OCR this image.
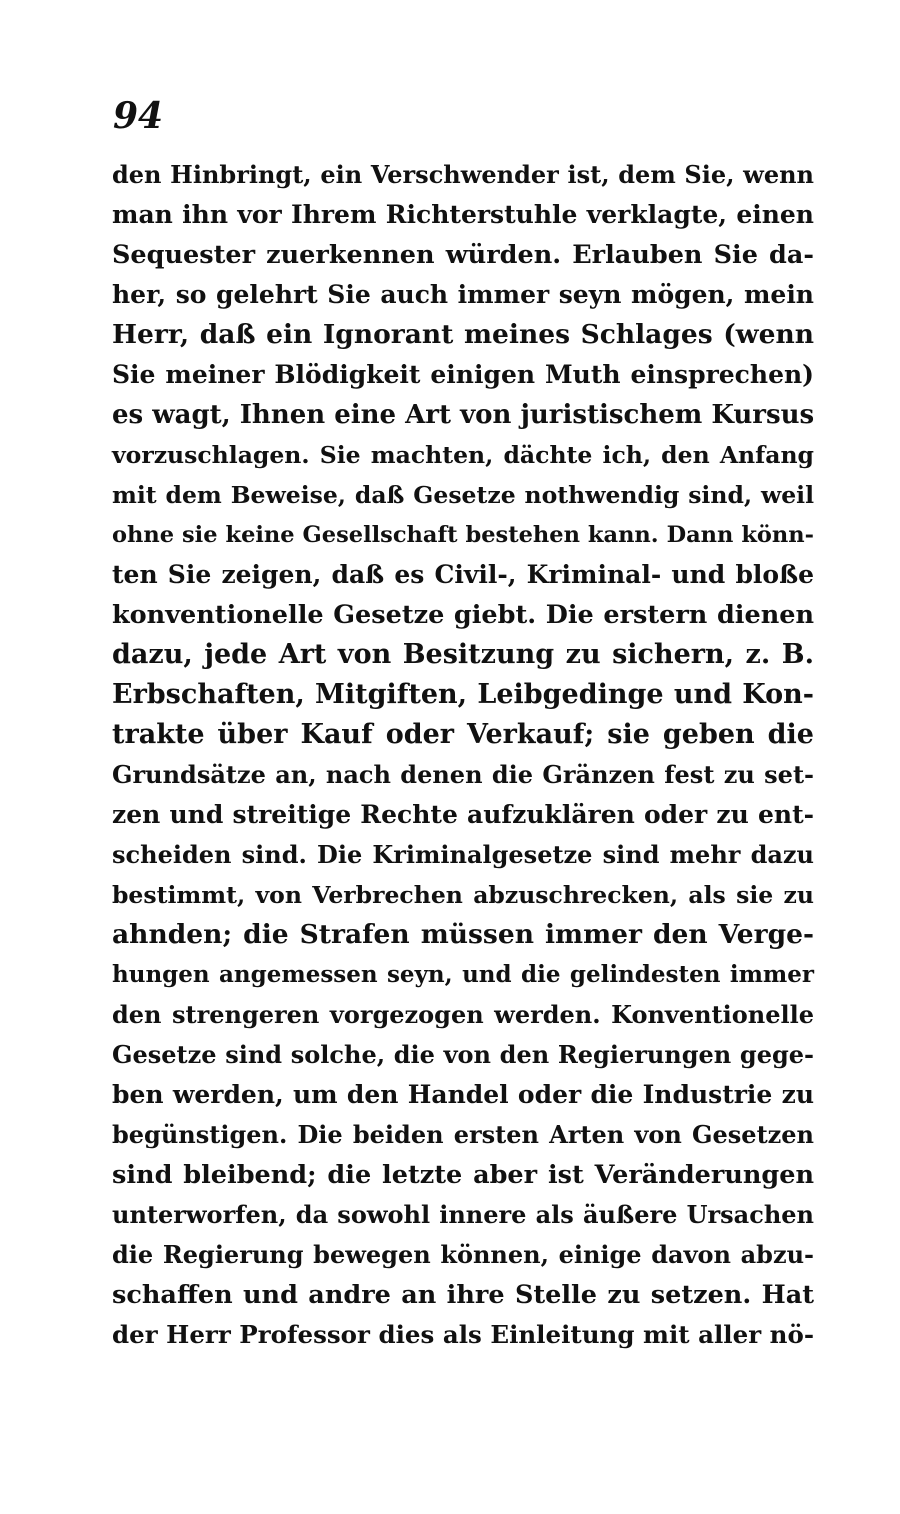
94
den Hinbringt, ein Verschwender ist, dem Sie, wenn
man ihn vor Ihrem Richterstuhle verklagte, einen
Sequester zuerkennen würden. Erlauben Sie da-
her, so gelehrt Sie auch immer seyn mögen, mein
Herr, daß ein Ignorant meines Schlages (wenn
Sie meiner Blödigkeit einigen Muth einsprechen)
es wagt, Ihnen eine Art von juristischem Kursus
vorzuschlagen. Sie machten, dächte ich, den Anfang
mit dem Beweise, daß Gesetze nothwendig sind, weil
ohne sie keine Gesellschaft bestehen kann. Dann könn-
ten Sie zeigen, daß es Civil-, Kriminal- und bloße
konventionelle Gesetze giebt. Die erstern dienen
dazu, jede Art von Besitzung zu sichern, z. B.
Erbschaften, Mitgiften, Leibgedinge und Kon-
trakte über Kauf oder Verkauf; sie geben die
Grundsätze an, nach denen die Gränzen fest zu set-
zen und streitige Rechte aufzuklären oder zu ent-
scheiden sind. Die Kriminalgesetze sind mehr dazu
bestimmt, von Verbrechen abzuschrecken, als sie zu
ahnden; die Strafen müssen immer den Verge-
hungen angemessen seyn, und die gelindesten immer
den strengeren vorgezogen werden. Konventionelle
Gesetze sind solche, die von den Regierungen gege-
ben werden, um den Handel oder die Industrie zu
begünstigen. Die beiden ersten Arten von Gesetzen
sind bleibend; die letzte aber ist Veränderungen
unterworfen, da sowohl innere als äußere Ursachen
die Regierung bewegen können, einige davon abzu-
schaffen und andre an ihre Stelle zu setzen. Hat
der Herr Professor dies als Einleitung mit aller nö-
